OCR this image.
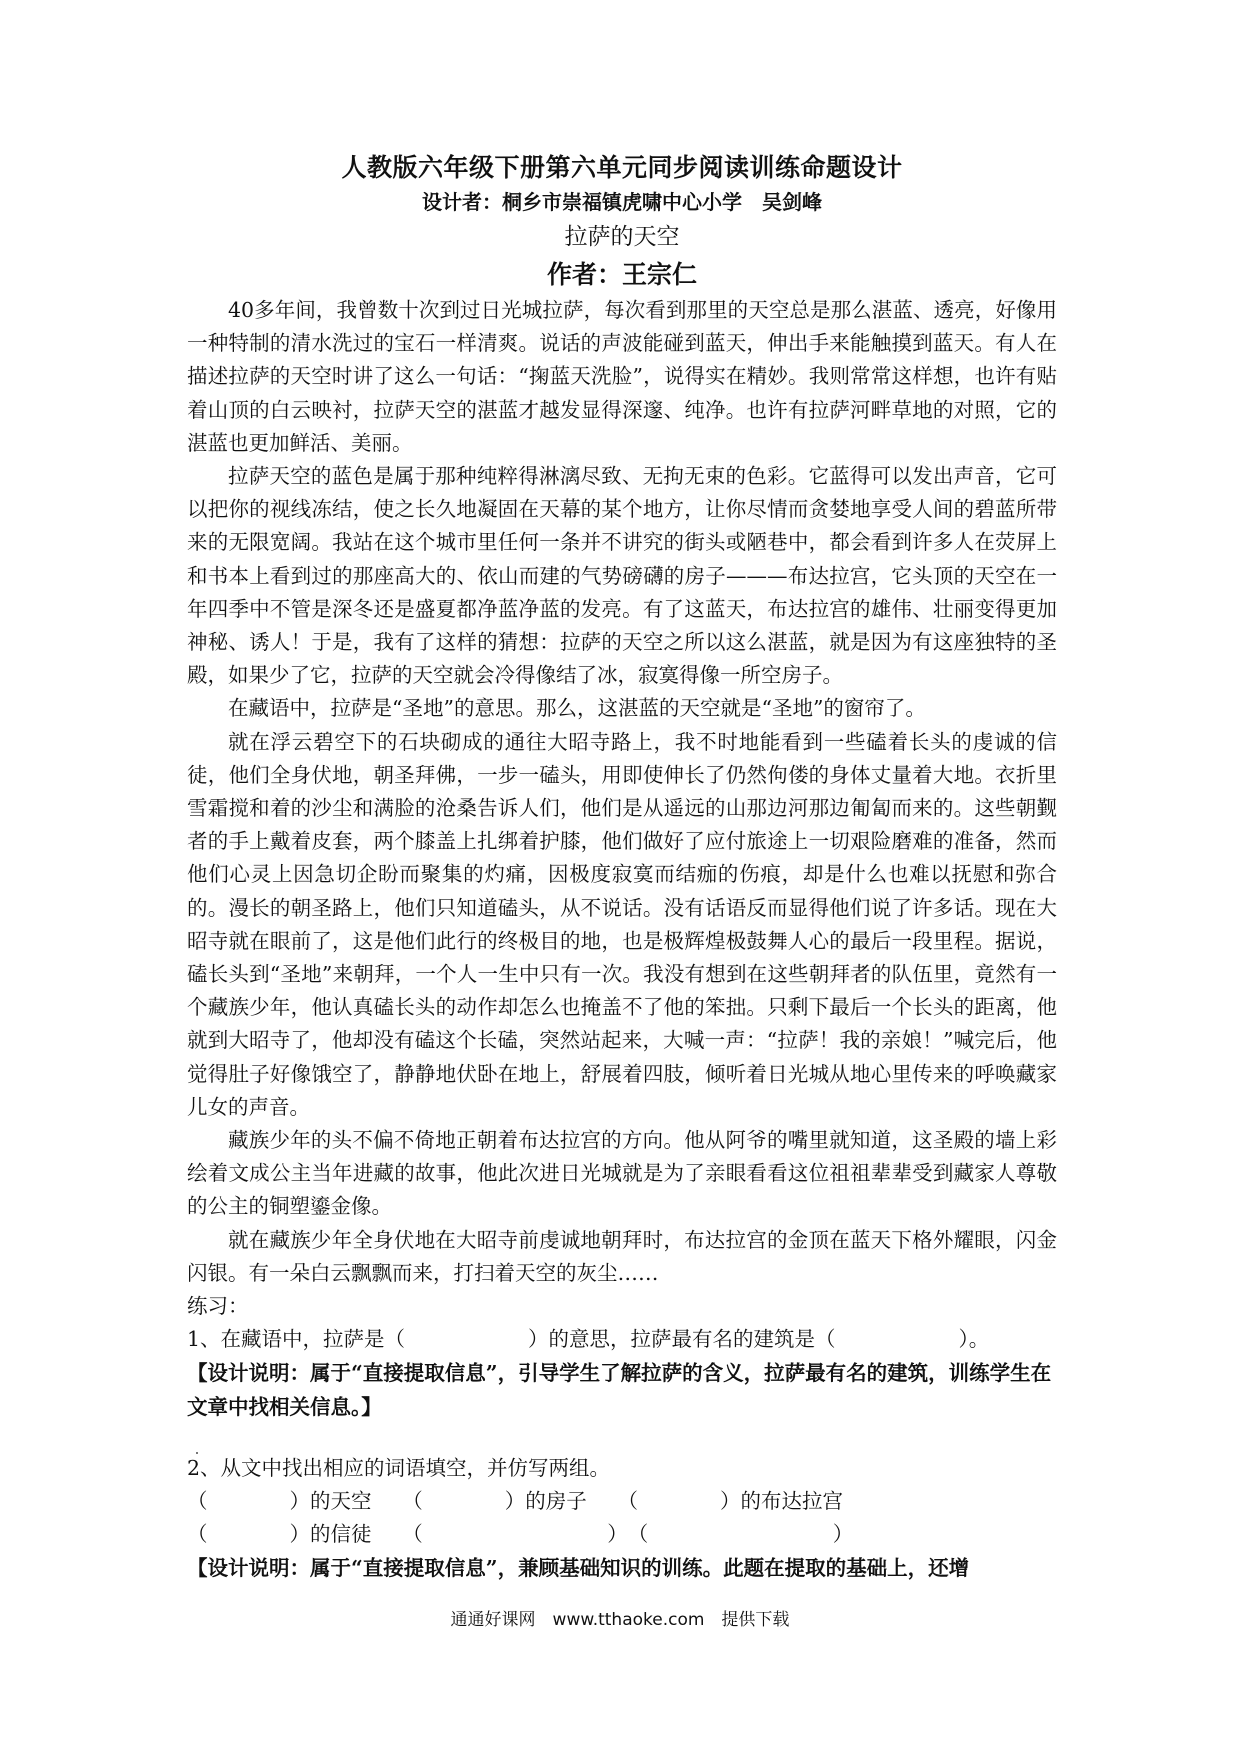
人教版六年级下册第六单元同步阅读训练命题设计
设计者：桐乡市崇福镇虎啸中心小学　吴剑峰
拉萨的天空
作者：王宗仁

40多年间，我曾数十次到过日光城拉萨，每次看到那里的天空总是那么湛蓝、透亮，好像用一种特制的清水洗过的宝石一样清爽。说话的声波能碰到蓝天，伸出手来能触摸到蓝天。有人在描述拉萨的天空时讲了这么一句话：“掬蓝天洗脸”，说得实在精妙。我则常常这样想，也许有贴着山顶的白云映衬，拉萨天空的湛蓝才越发显得深邃、纯净。也许有拉萨河畔草地的对照，它的湛蓝也更加鲜活、美丽。

拉萨天空的蓝色是属于那种纯粹得淋漓尽致、无拘无束的色彩。它蓝得可以发出声音，它可以把你的视线冻结，使之长久地凝固在天幕的某个地方，让你尽情而贪婪地享受人间的碧蓝所带来的无限宽阔。我站在这个城市里任何一条并不讲究的街头或陋巷中，都会看到许多人在荧屏上和书本上看到过的那座高大的、依山而建的气势磅礴的房子———布达拉宫，它头顶的天空在一年四季中不管是深冬还是盛夏都净蓝净蓝的发亮。有了这蓝天，布达拉宫的雄伟、壮丽变得更加神秘、诱人！于是，我有了这样的猜想：拉萨的天空之所以这么湛蓝，就是因为有这座独特的圣殿，如果少了它，拉萨的天空就会冷得像结了冰，寂寞得像一所空房子。

在藏语中，拉萨是“圣地”的意思。那么，这湛蓝的天空就是“圣地”的窗帘了。

就在浮云碧空下的石块砌成的通往大昭寺路上，我不时地能看到一些磕着长头的虔诚的信徒，他们全身伏地，朝圣拜佛，一步一磕头，用即使伸长了仍然佝偻的身体丈量着大地。衣折里雪霜搅和着的沙尘和满脸的沧桑告诉人们，他们是从遥远的山那边河那边匍匐而来的。这些朝觐者的手上戴着皮套，两个膝盖上扎绑着护膝，他们做好了应付旅途上一切艰险磨难的准备，然而他们心灵上因急切企盼而聚集的灼痛，因极度寂寞而结痂的伤痕，却是什么也难以抚慰和弥合的。漫长的朝圣路上，他们只知道磕头，从不说话。没有话语反而显得他们说了许多话。现在大昭寺就在眼前了，这是他们此行的终极目的地，也是极辉煌极鼓舞人心的最后一段里程。据说，磕长头到“圣地”来朝拜，一个人一生中只有一次。我没有想到在这些朝拜者的队伍里，竟然有一个藏族少年，他认真磕长头的动作却怎么也掩盖不了他的笨拙。只剩下最后一个长头的距离，他就到大昭寺了，他却没有磕这个长磕，突然站起来，大喊一声：“拉萨！我的亲娘！”喊完后，他觉得肚子好像饿空了，静静地伏卧在地上，舒展着四肢，倾听着日光城从地心里传来的呼唤藏家儿女的声音。

藏族少年的头不偏不倚地正朝着布达拉宫的方向。他从阿爷的嘴里就知道，这圣殿的墙上彩绘着文成公主当年进藏的故事，他此次进日光城就是为了亲眼看看这位祖祖辈辈受到藏家人尊敬的公主的铜塑鎏金像。

就在藏族少年全身伏地在大昭寺前虔诚地朝拜时，布达拉宫的金顶在蓝天下格外耀眼，闪金闪银。有一朵白云飘飘而来，打扫着天空的灰尘……

练习：
1、在藏语中，拉萨是（　　　　　　）的意思，拉萨最有名的建筑是（　　　　　　）。
【设计说明：属于“直接提取信息”，引导学生了解拉萨的含义，拉萨最有名的建筑，训练学生在文章中找相关信息。】
2、从文中找出相应的词语填空，并仿写两组。
（　　　　）的天空　　（　　　　）的房子　　（　　　　）的布达拉宫
（　　　　）的信徒　　（　　　　　　　　　）　（　　　　　　　　　）
【设计说明：属于“直接提取信息”，兼顾基础知识的训练。此题在提取的基础上，还增
通通好课网　www.tthaoke.com　提供下载
